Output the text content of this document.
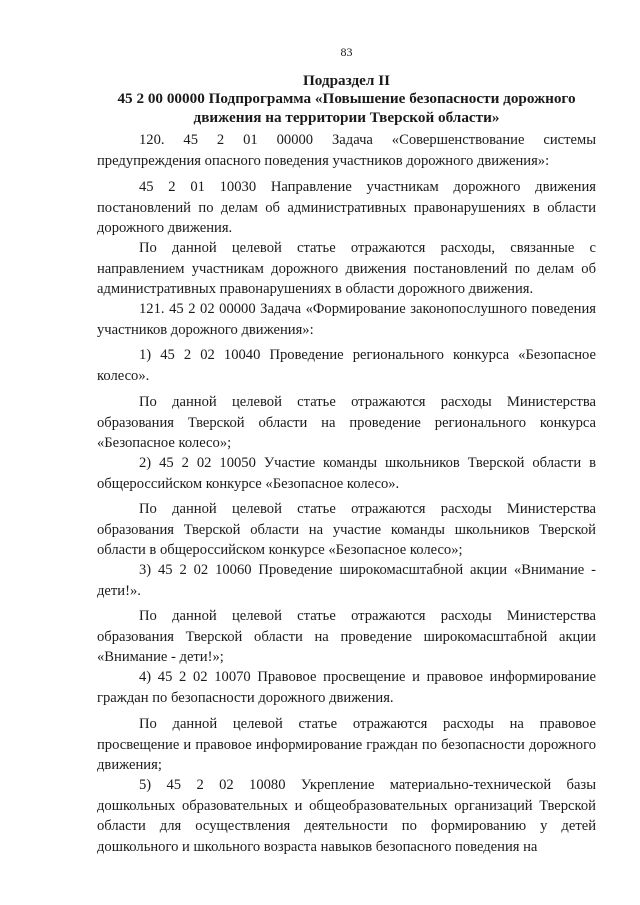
83
Подраздел II
45 2 00 00000 Подпрограмма «Повышение безопасности дорожного движения на территории Тверской области»

120. 45 2 01 00000 Задача «Совершенствование системы предупреждения опасного поведения участников дорожного движения»:

45 2 01 10030 Направление участникам дорожного движения постановлений по делам об административных правонарушениях в области дорожного движения.

По данной целевой статье отражаются расходы, связанные с направлением участникам дорожного движения постановлений по делам об административных правонарушениях в области дорожного движения.

121. 45 2 02 00000 Задача «Формирование законопослушного поведения участников дорожного движения»:

1) 45 2 02 10040 Проведение регионального конкурса «Безопасное колесо».

По данной целевой статье отражаются расходы Министерства образования Тверской области на проведение регионального конкурса «Безопасное колесо»;

2) 45 2 02 10050 Участие команды школьников Тверской области в общероссийском конкурсе «Безопасное колесо».

По данной целевой статье отражаются расходы Министерства образования Тверской области на участие команды школьников Тверской области в общероссийском конкурсе «Безопасное колесо»;

3) 45 2 02 10060 Проведение широкомасштабной акции «Внимание - дети!».

По данной целевой статье отражаются расходы Министерства образования Тверской области на проведение широкомасштабной акции «Внимание - дети!»;

4) 45 2 02 10070 Правовое просвещение и правовое информирование граждан по безопасности дорожного движения.

По данной целевой статье отражаются расходы на правовое просвещение и правовое информирование граждан по безопасности дорожного движения;

5) 45 2 02 10080 Укрепление материально-технической базы дошкольных образовательных и общеобразовательных организаций Тверской области для осуществления деятельности по формированию у детей дошкольного и школьного возраста навыков безопасного поведения на
